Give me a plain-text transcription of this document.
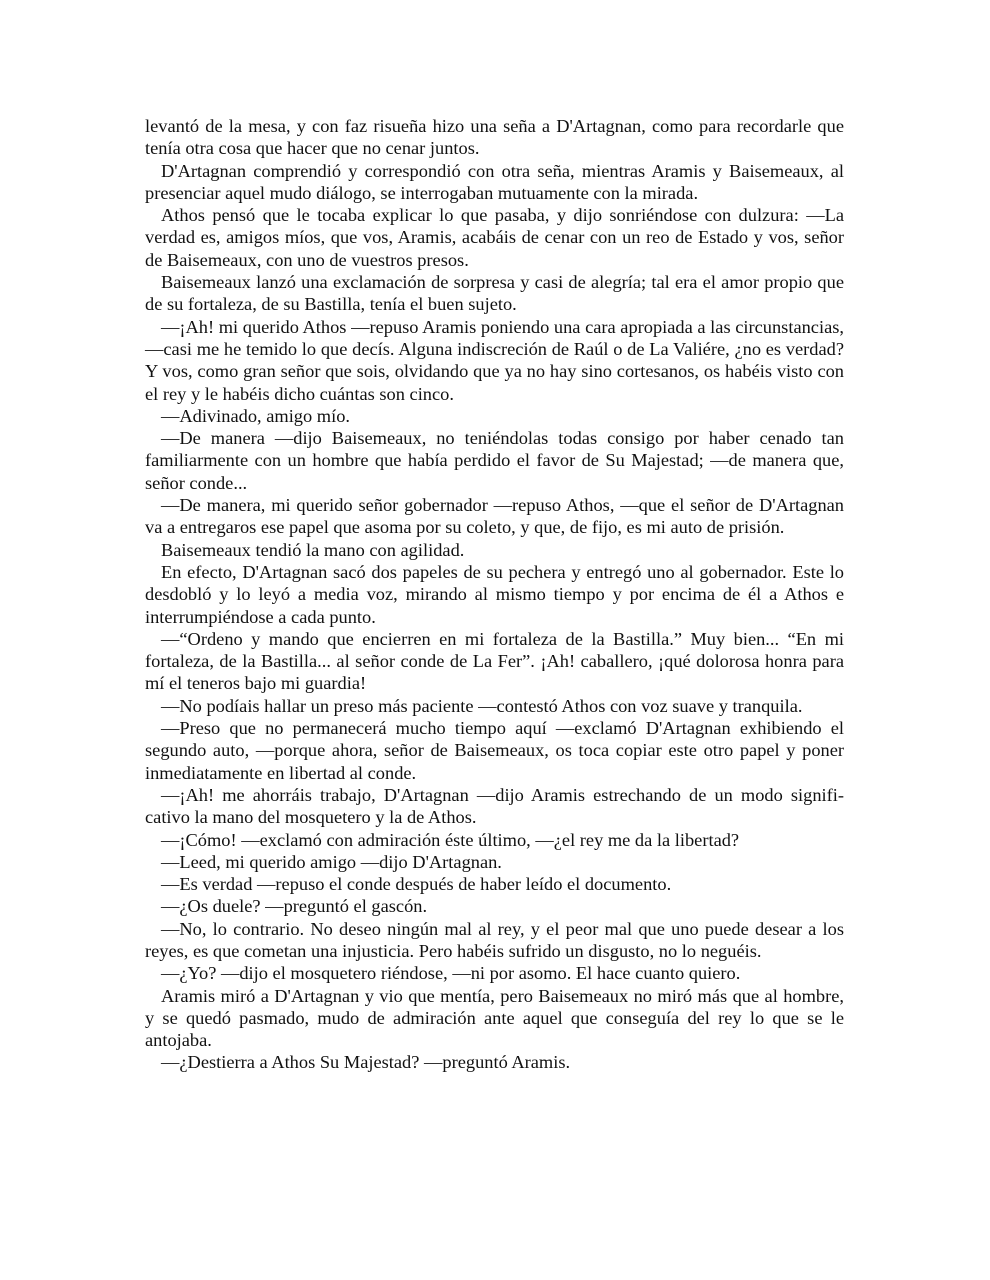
levantó de la mesa, y con faz risueña hizo una seña a D'Artagnan, como para recordarle que tenía otra cosa que hacer que no cenar juntos.

D'Artagnan comprendió y correspondió con otra seña, mientras Aramis y Baisemeaux, al presenciar aquel mudo diálogo, se interrogaban mutuamente con la mirada.

Athos pensó que le tocaba explicar lo que pasaba, y dijo sonriéndose con dulzura: —La verdad es, amigos míos, que vos, Aramis, acabáis de cenar con un reo de Estado y vos, señor de Baisemeaux, con uno de vuestros presos.

Baisemeaux lanzó una exclamación de sorpresa y casi de alegría; tal era el amor propio que de su fortaleza, de su Bastilla, tenía el buen sujeto.

—¡Ah! mi querido Athos —repuso Aramis poniendo una cara apropiada a las circunstancias, —casi me he temido lo que decís. Alguna indiscreción de Raúl o de La Valiére, ¿no es verdad? Y vos, como gran señor que sois, olvidando que ya no hay sino cortesanos, os habéis visto con el rey y le habéis dicho cuántas son cinco.

—Adivinado, amigo mío.

—De manera —dijo Baisemeaux, no teniéndolas todas consigo por haber cenado tan familiarmente con un hombre que había perdido el favor de Su Majestad; —de manera que, señor conde...

—De manera, mi querido señor gobernador —repuso Athos, —que el señor de D'Artagnan va a entregaros ese papel que asoma por su coleto, y que, de fijo, es mi auto de prisión.

Baisemeaux tendió la mano con agilidad.

En efecto, D'Artagnan sacó dos papeles de su pechera y entregó uno al gobernador. Este lo desdobló y lo leyó a media voz, mirando al mismo tiempo y por encima de él a Athos e interrumpiéndose a cada punto.

—“Ordeno y mando que encierren en mi fortaleza de la Bastilla.” Muy bien... “En mi fortaleza, de la Bastilla... al señor conde de La Fer”. ¡Ah! caballero, ¡qué dolorosa honra para mí el teneros bajo mi guardia!

—No podíais hallar un preso más paciente —contestó Athos con voz suave y tranquila.

—Preso que no permanecerá mucho tiempo aquí —exclamó D'Artagnan exhibiendo el segundo auto, —porque ahora, señor de Baisemeaux, os toca copiar este otro papel y poner inmediatamente en libertad al conde.

—¡Ah! me ahorráis trabajo, D'Artagnan —dijo Aramis estrechando de un modo significativo la mano del mosquetero y la de Athos.

—¡Cómo! —exclamó con admiración éste último, —¿el rey me da la libertad?

—Leed, mi querido amigo —dijo D'Artagnan.

—Es verdad —repuso el conde después de haber leído el documento.

—¿Os duele? —preguntó el gascón.

—No, lo contrario. No deseo ningún mal al rey, y el peor mal que uno puede desear a los reyes, es que cometan una injusticia. Pero habéis sufrido un disgusto, no lo neguéis.

—¿Yo? —dijo el mosquetero riéndose, —ni por asomo. El hace cuanto quiero.

Aramis miró a D'Artagnan y vio que mentía, pero Baisemeaux no miró más que al hombre, y se quedó pasmado, mudo de admiración ante aquel que conseguía del rey lo que se le antojaba.

—¿Destierra a Athos Su Majestad? —preguntó Aramis.
